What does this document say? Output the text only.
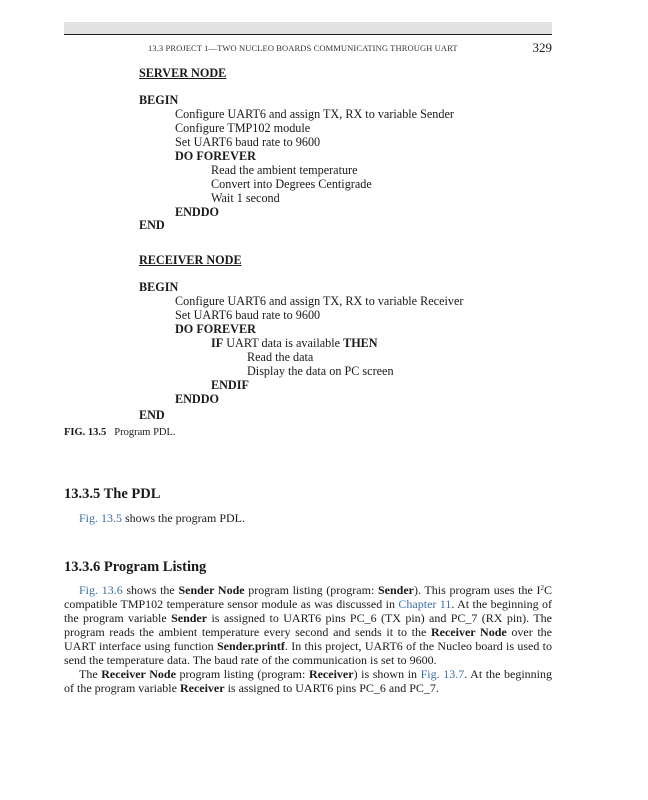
13.3 PROJECT 1—TWO NUCLEO BOARDS COMMUNICATING THROUGH UART	329
SERVER NODE
BEGIN
Configure UART6 and assign TX, RX to variable Sender
Configure TMP102 module
Set UART6 baud rate to 9600
DO FOREVER
Read the ambient temperature
Convert into Degrees Centigrade
Wait 1 second
ENDDO
END
RECEIVER NODE
BEGIN
Configure UART6 and assign TX, RX to variable Receiver
Set UART6 baud rate to 9600
DO FOREVER
IF UART data is available THEN
Read the data
Display the data on PC screen
ENDIF
ENDDO
END
FIG. 13.5 Program PDL.
13.3.5 The PDL

Fig. 13.5 shows the program PDL.

13.3.6 Program Listing

Fig. 13.6 shows the Sender Node program listing (program: Sender). This program uses the $I^2C$ compatible TMP102 temperature sensor module as was discussed in Chapter 11. At the beginning of the program variable Sender is assigned to UART6 pins PC_6 (TX pin) and PC_7 (RX pin). The program reads the ambient temperature every second and sends it to the Receiver Node over the UART interface using function Sender.printf. In this project, UART6 of the Nucleo board is used to send the temperature data. The baud rate of the communication is set to 9600.

The Receiver Node program listing (program: Receiver) is shown in Fig. 13.7. At the beginning of the program variable Receiver is assigned to UART6 pins PC_6 and PC_7.
